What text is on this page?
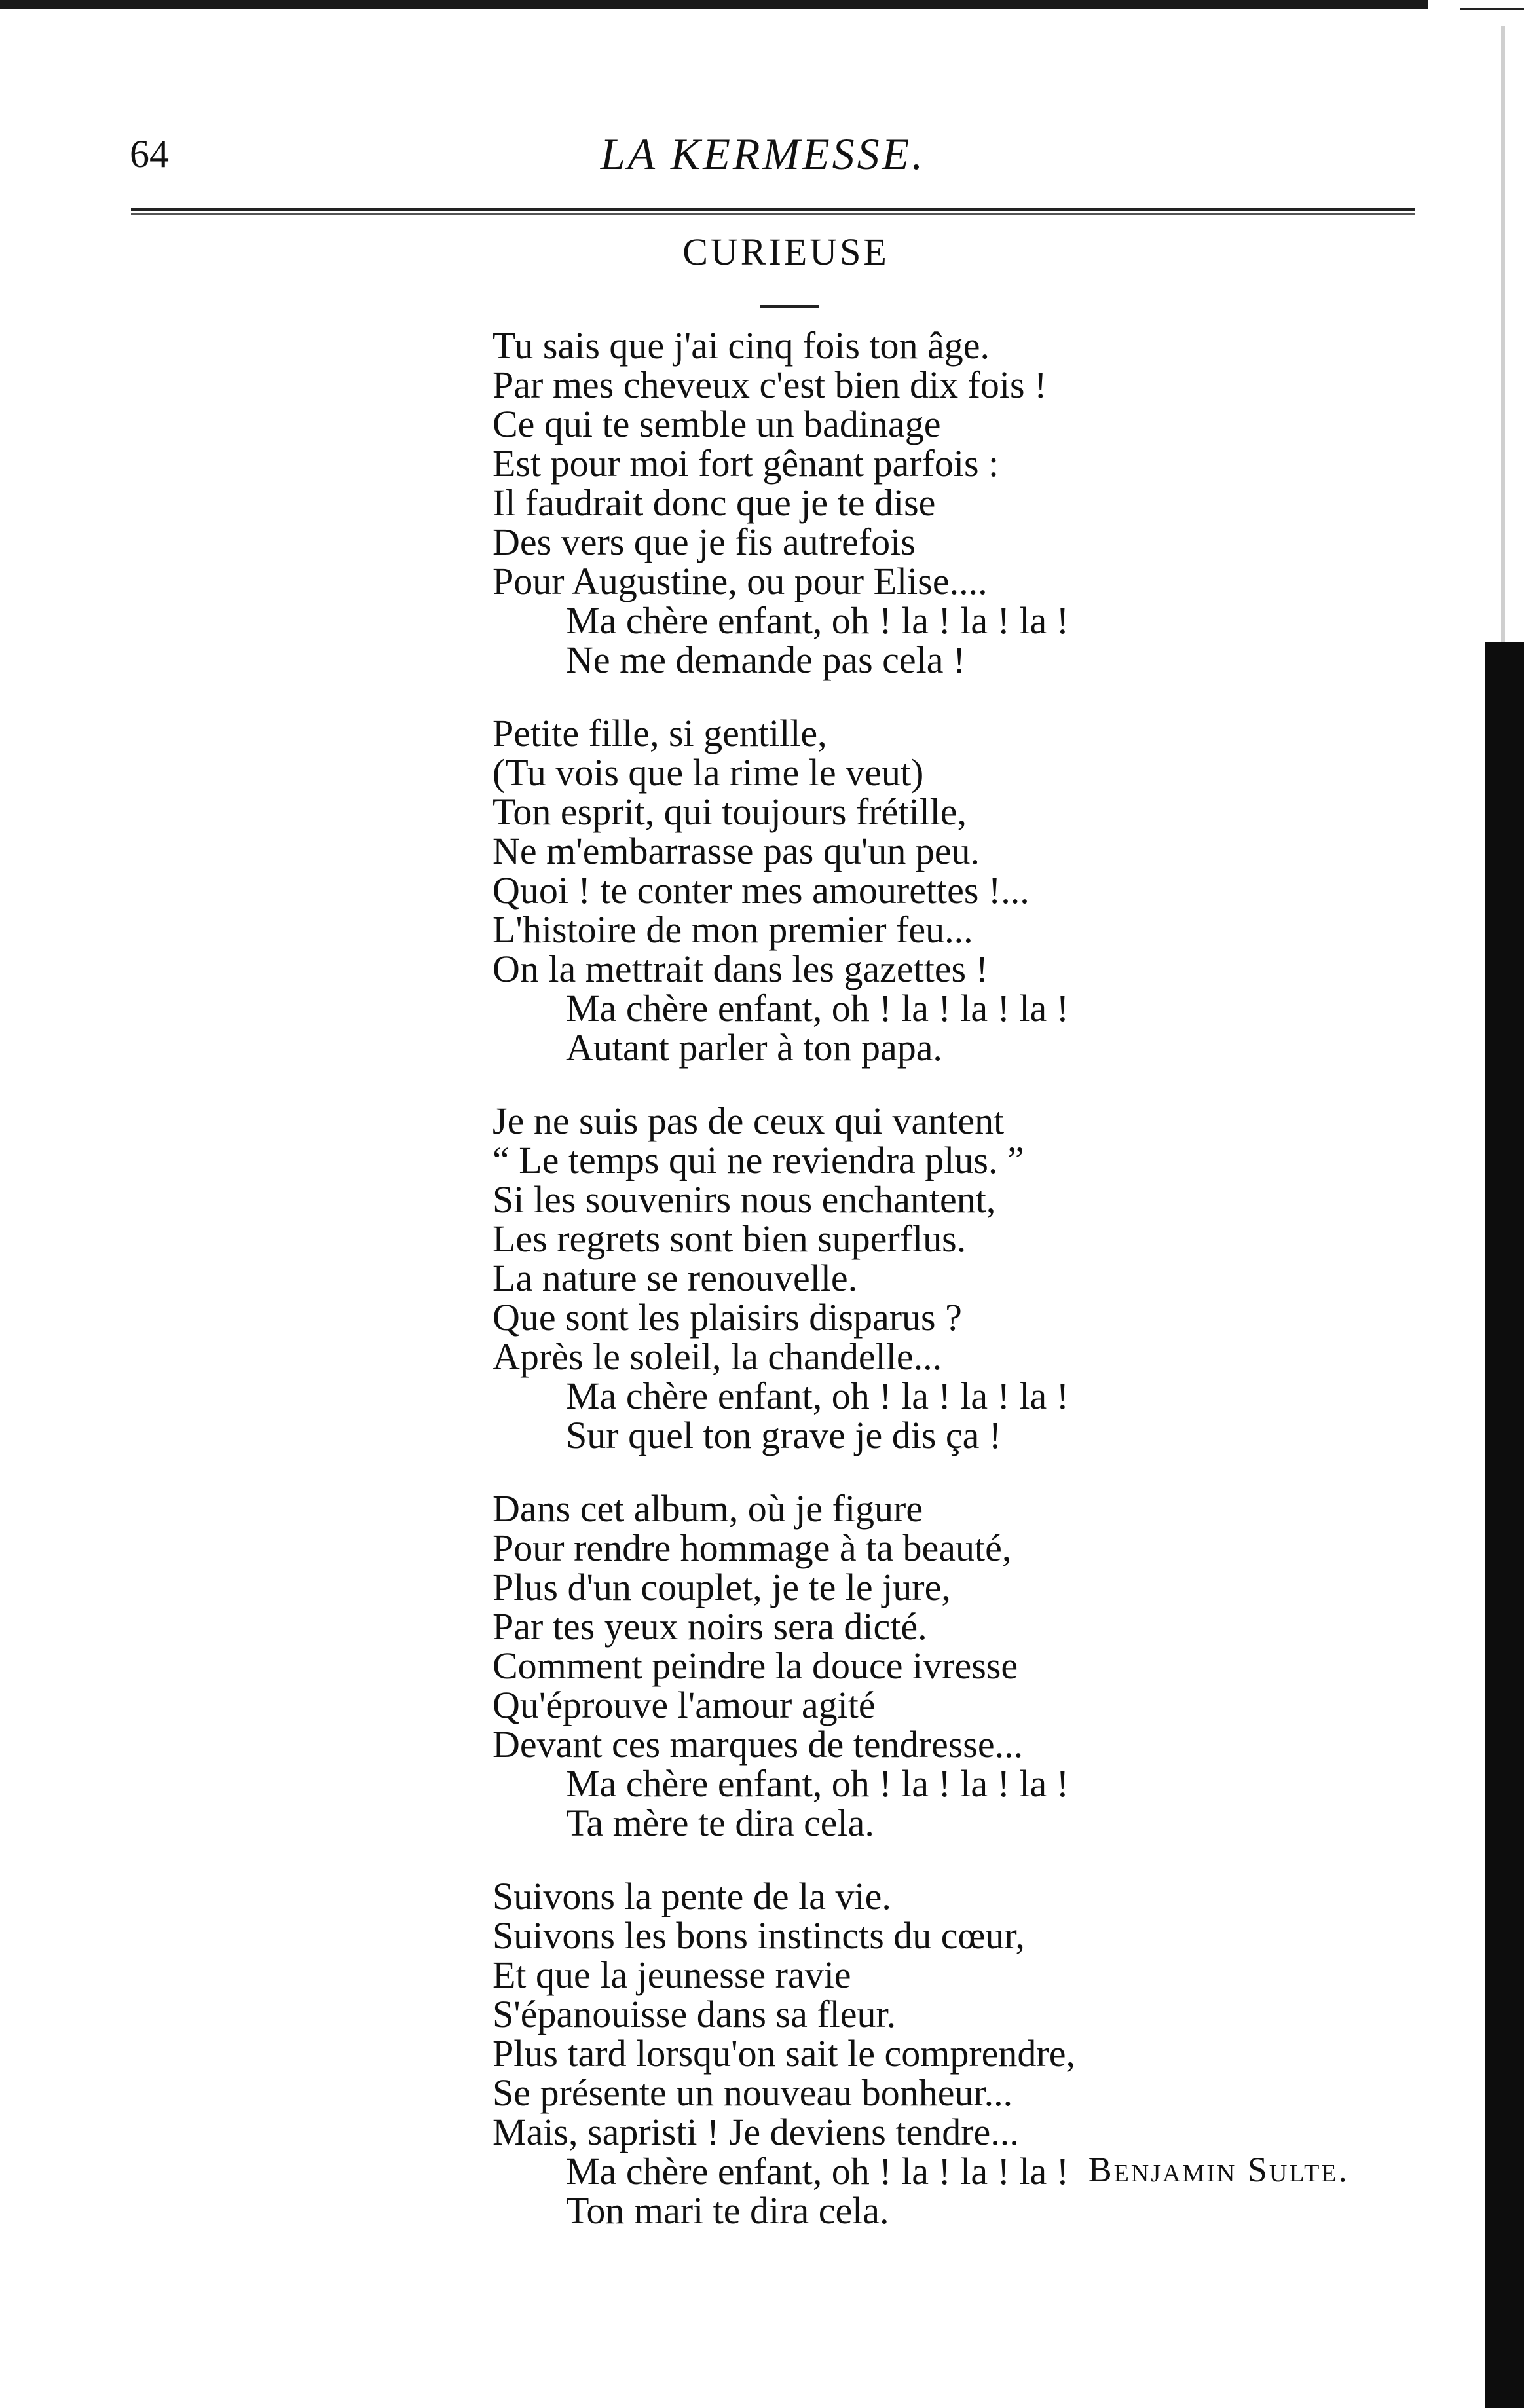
64	LA KERMESSE.
CURIEUSE
Tu sais que j'ai cinq fois ton âge.
Par mes cheveux c'est bien dix fois !
Ce qui te semble un badinage
Est pour moi fort gênant parfois :
Il faudrait donc que je te dise
Des vers que je fis autrefois
Pour Augustine, ou pour Elise....
Ma chère enfant, oh ! la ! la ! la !
Ne me demande pas cela !
Petite fille, si gentille,
(Tu vois que la rime le veut)
Ton esprit, qui toujours frétille,
Ne m'embarrasse pas qu'un peu.
Quoi ! te conter mes amourettes !...
L'histoire de mon premier feu...
On la mettrait dans les gazettes !
Ma chère enfant, oh ! la ! la ! la !
Autant parler à ton papa.
Je ne suis pas de ceux qui vantent
“ Le temps qui ne reviendra plus. ”
Si les souvenirs nous enchantent,
Les regrets sont bien superflus.
La nature se renouvelle.
Que sont les plaisirs disparus ?
Après le soleil, la chandelle...
Ma chère enfant, oh ! la ! la ! la !
Sur quel ton grave je dis ça !
Dans cet album, où je figure
Pour rendre hommage à ta beauté,
Plus d'un couplet, je te le jure,
Par tes yeux noirs sera dicté.
Comment peindre la douce ivresse
Qu'éprouve l'amour agité
Devant ces marques de tendresse...
Ma chère enfant, oh ! la ! la ! la !
Ta mère te dira cela.
Suivons la pente de la vie.
Suivons les bons instincts du cœur,
Et que la jeunesse ravie
S'épanouisse dans sa fleur.
Plus tard lorsqu'on sait le comprendre,
Se présente un nouveau bonheur...
Mais, sapristi ! Je deviens tendre...
Ma chère enfant, oh ! la ! la ! la !
Ton mari te dira cela.
Benjamin Sulte.
